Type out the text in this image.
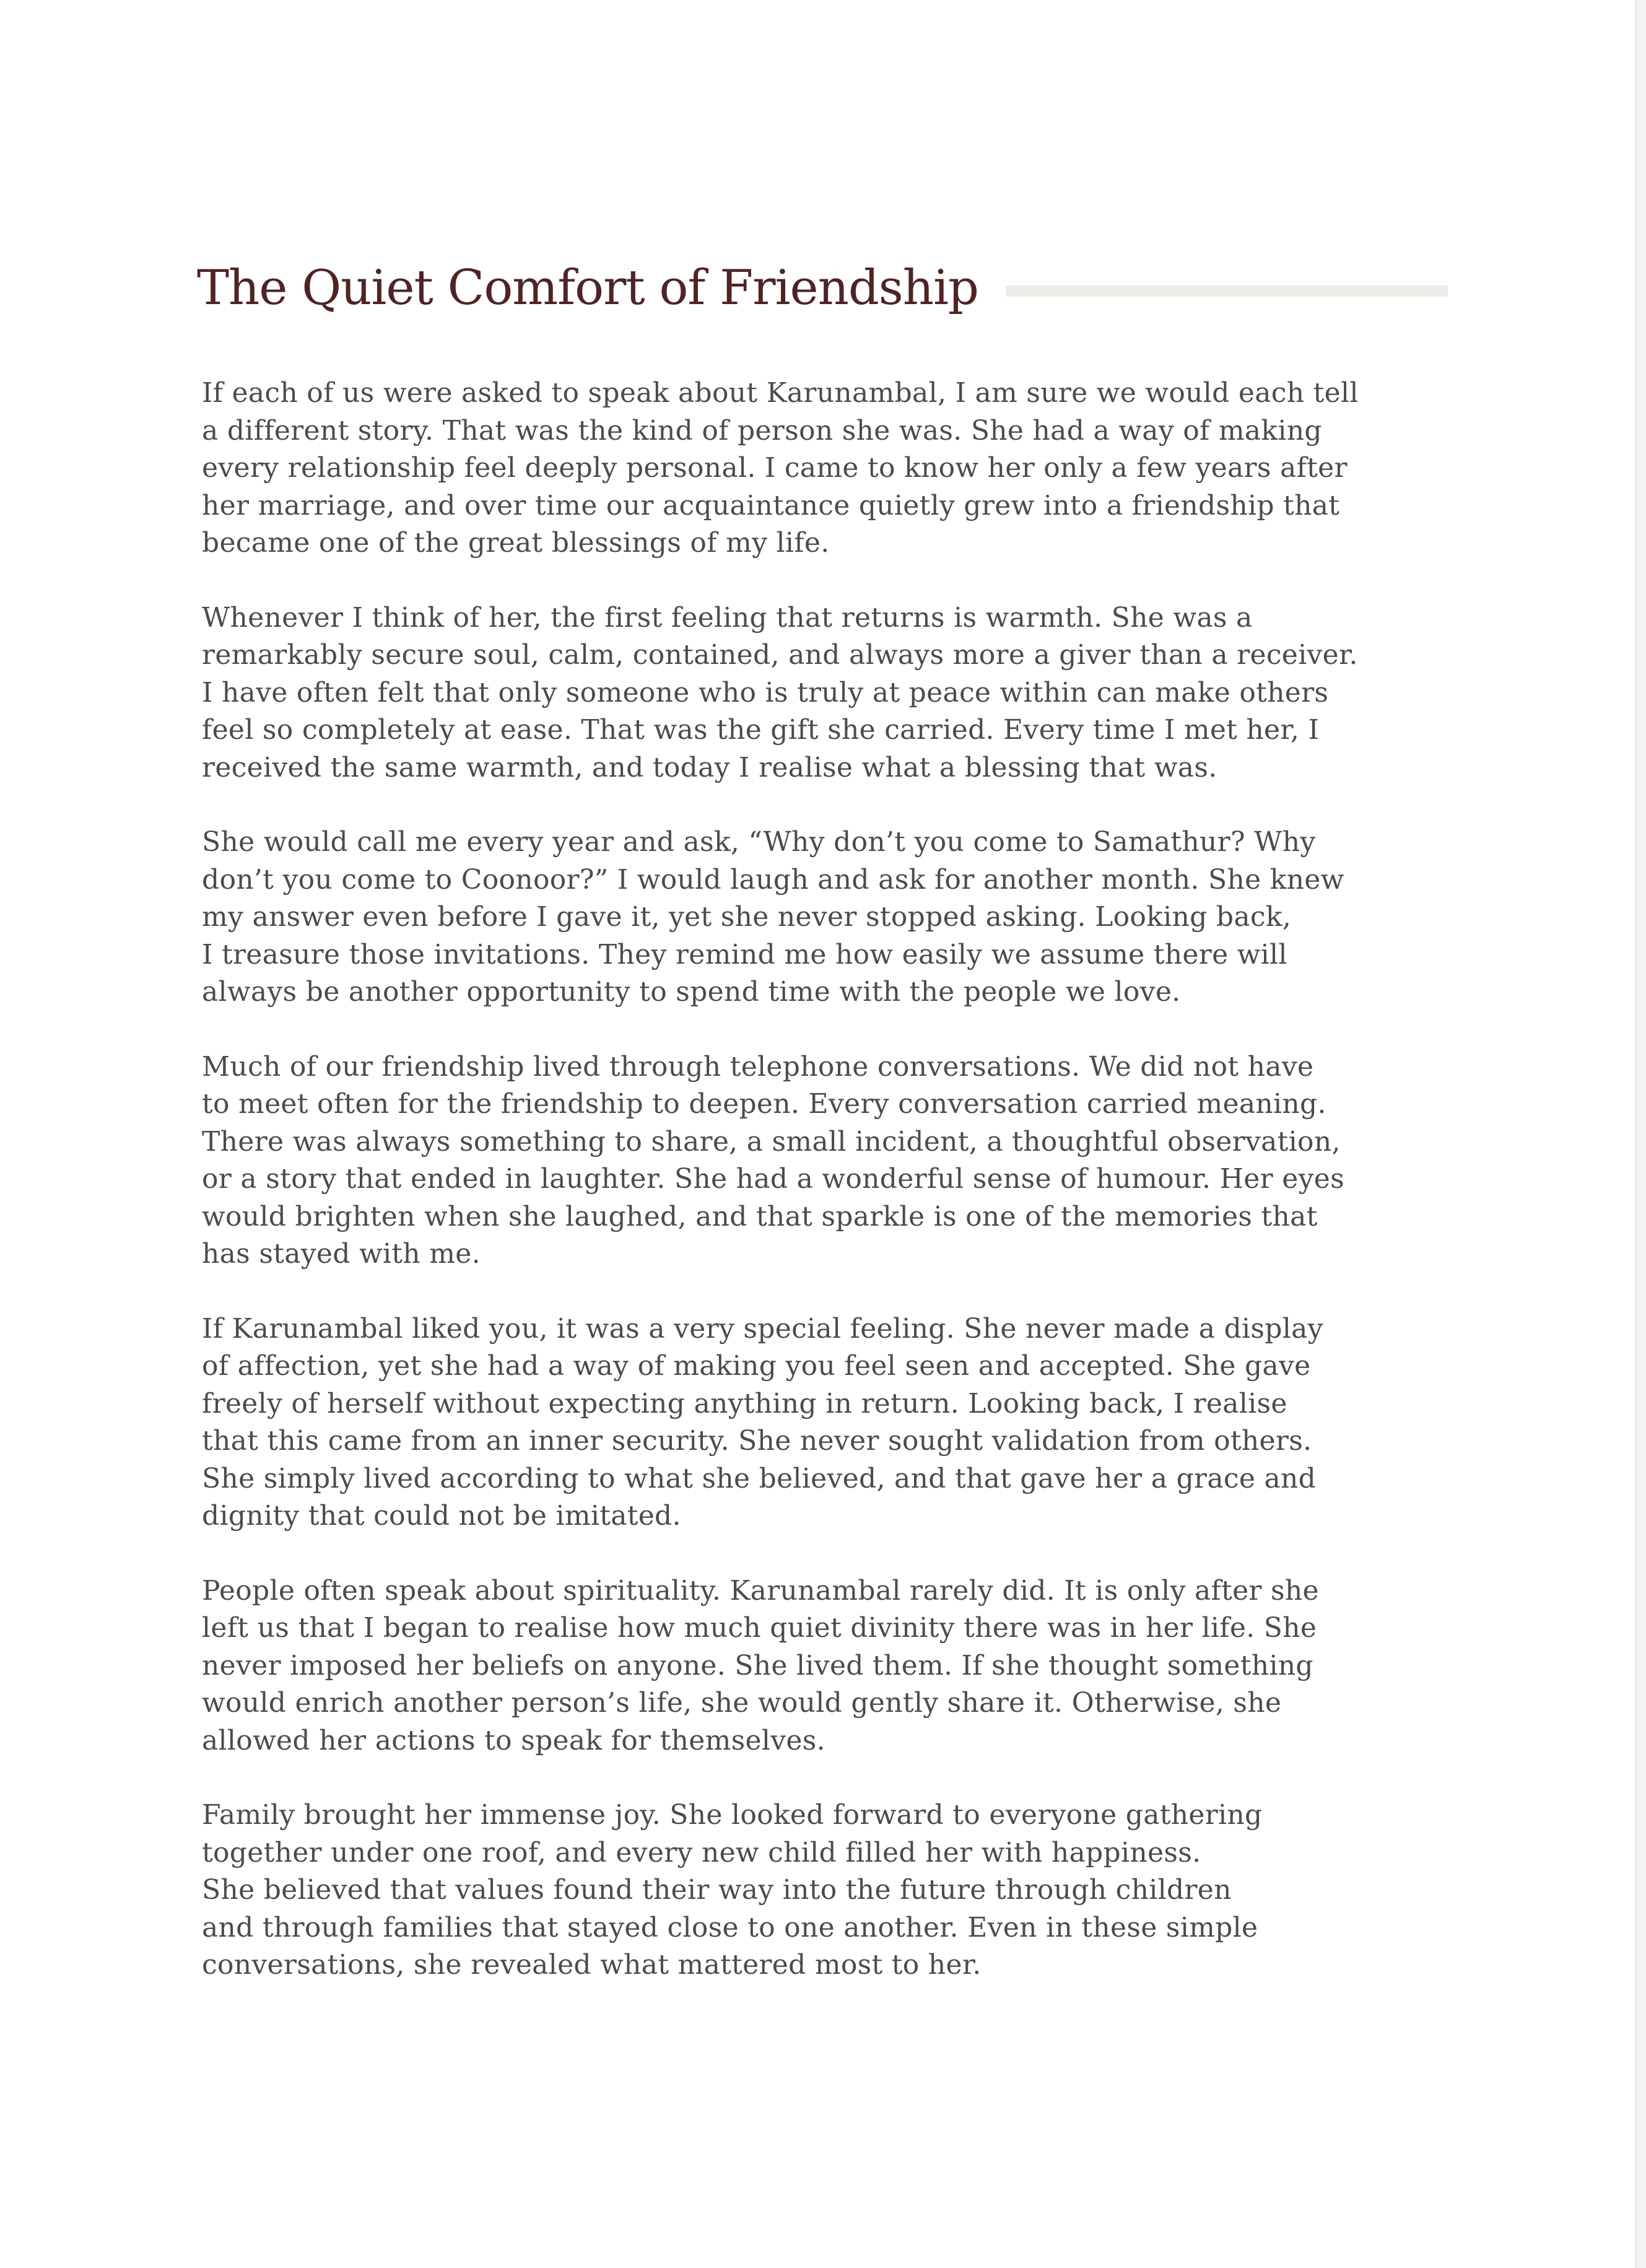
The Quiet Comfort of Friendship

If each of us were asked to speak about Karunambal, I am sure we would each tell
a different story. That was the kind of person she was. She had a way of making
every relationship feel deeply personal. I came to know her only a few years after
her marriage, and over time our acquaintance quietly grew into a friendship that
became one of the great blessings of my life.

Whenever I think of her, the first feeling that returns is warmth. She was a
remarkably secure soul, calm, contained, and always more a giver than a receiver.
I have often felt that only someone who is truly at peace within can make others
feel so completely at ease. That was the gift she carried. Every time I met her, I
received the same warmth, and today I realise what a blessing that was.

She would call me every year and ask, “Why don’t you come to Samathur? Why
don’t you come to Coonoor?” I would laugh and ask for another month. She knew
my answer even before I gave it, yet she never stopped asking. Looking back,
I treasure those invitations. They remind me how easily we assume there will
always be another opportunity to spend time with the people we love.

Much of our friendship lived through telephone conversations. We did not have
to meet often for the friendship to deepen. Every conversation carried meaning.
There was always something to share, a small incident, a thoughtful observation,
or a story that ended in laughter. She had a wonderful sense of humour. Her eyes
would brighten when she laughed, and that sparkle is one of the memories that
has stayed with me.

If Karunambal liked you, it was a very special feeling. She never made a display
of affection, yet she had a way of making you feel seen and accepted. She gave
freely of herself without expecting anything in return. Looking back, I realise
that this came from an inner security. She never sought validation from others.
She simply lived according to what she believed, and that gave her a grace and
dignity that could not be imitated.

People often speak about spirituality. Karunambal rarely did. It is only after she
left us that I began to realise how much quiet divinity there was in her life. She
never imposed her beliefs on anyone. She lived them. If she thought something
would enrich another person’s life, she would gently share it. Otherwise, she
allowed her actions to speak for themselves.

Family brought her immense joy. She looked forward to everyone gathering
together under one roof, and every new child filled her with happiness.
She believed that values found their way into the future through children
and through families that stayed close to one another. Even in these simple
conversations, she revealed what mattered most to her.
